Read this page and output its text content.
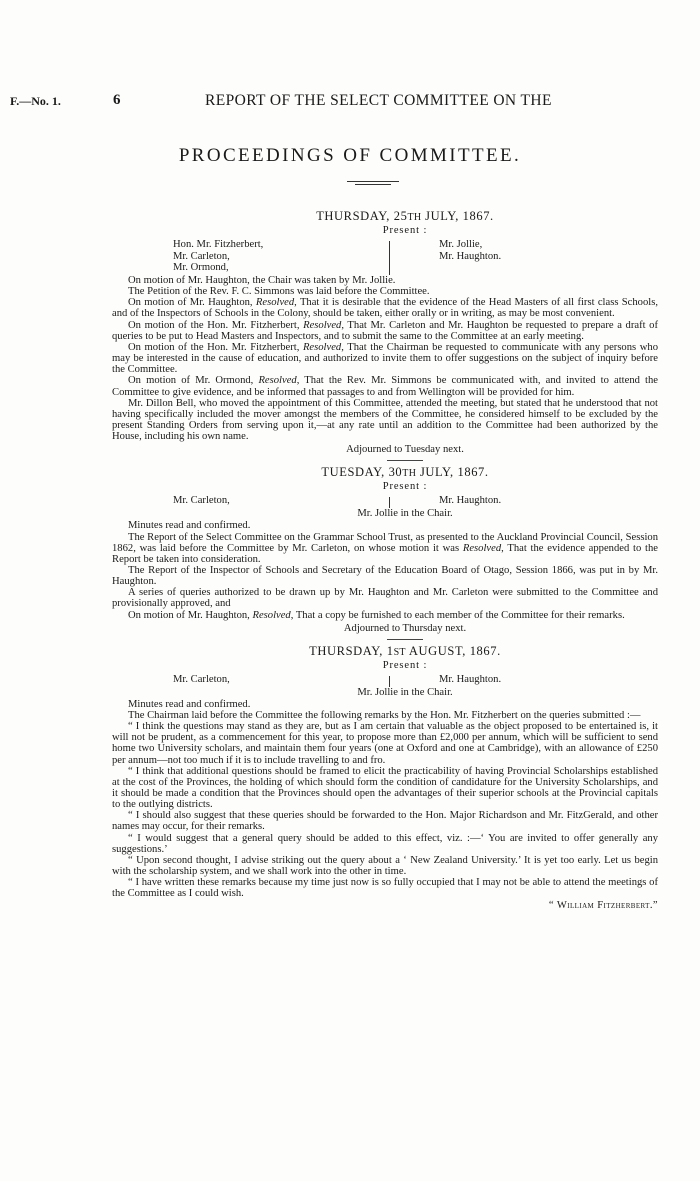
F.—No. 1.	6	REPORT OF THE SELECT COMMITTEE ON THE
PROCEEDINGS OF COMMITTEE.
THURSDAY, 25TH JULY, 1867.
Present :
Hon. Mr. Fitzherbert,
Mr. Carleton,
Mr. Ormond,
Mr. Jollie,
Mr. Haughton.

On motion of Mr. Haughton, the Chair was taken by Mr. Jollie.

The Petition of the Rev. F. C. Simmons was laid before the Committee.

On motion of Mr. Haughton, Resolved, That it is desirable that the evidence of the Head Masters of all first class Schools, and of the Inspectors of Schools in the Colony, should be taken, either orally or in writing, as may be most convenient.

On motion of the Hon. Mr. Fitzherbert, Resolved, That Mr. Carleton and Mr. Haughton be requested to prepare a draft of queries to be put to Head Masters and Inspectors, and to submit the same to the Committee at an early meeting.

On motion of the Hon. Mr. Fitzherbert, Resolved, That the Chairman be requested to communicate with any persons who may be interested in the cause of education, and authorized to invite them to offer suggestions on the subject of inquiry before the Committee.

On motion of Mr. Ormond, Resolved, That the Rev. Mr. Simmons be communicated with, and invited to attend the Committee to give evidence, and be informed that passages to and from Wellington will be provided for him.

Mr. Dillon Bell, who moved the appointment of this Committee, attended the meeting, but stated that he understood that not having specifically included the mover amongst the members of the Committee, he considered himself to be excluded by the present Standing Orders from serving upon it,—at any rate until an addition to the Committee had been authorized by the House, including his own name.

Adjourned to Tuesday next.
TUESDAY, 30TH JULY, 1867.
Present :
Mr. Carleton,	Mr. Haughton.
Mr. Jollie in the Chair.

Minutes read and confirmed.

The Report of the Select Committee on the Grammar School Trust, as presented to the Auckland Provincial Council, Session 1862, was laid before the Committee by Mr. Carleton, on whose motion it was Resolved, That the evidence appended to the Report be taken into consideration.

The Report of the Inspector of Schools and Secretary of the Education Board of Otago, Session 1866, was put in by Mr. Haughton.

A series of queries authorized to be drawn up by Mr. Haughton and Mr. Carleton were submitted to the Committee and provisionally approved, and

On motion of Mr. Haughton, Resolved, That a copy be furnished to each member of the Committee for their remarks.

Adjourned to Thursday next.
THURSDAY, 1ST AUGUST, 1867.
Present :
Mr. Carleton,	Mr. Haughton.
Mr. Jollie in the Chair.

Minutes read and confirmed.

The Chairman laid before the Committee the following remarks by the Hon. Mr. Fitzherbert on the queries submitted :—

“ I think the questions may stand as they are, but as I am certain that valuable as the object proposed to be entertained is, it will not be prudent, as a commencement for this year, to propose more than £2,000 per annum, which will be sufficient to send home two University scholars, and maintain them four years (one at Oxford and one at Cambridge), with an allowance of £250 per annum—not too much if it is to include travelling to and fro.

“ I think that additional questions should be framed to elicit the practicability of having Provincial Scholarships established at the cost of the Provinces, the holding of which should form the condition of candidature for the University Scholarships, and it should be made a condition that the Provinces should open the advantages of their superior schools at the Provincial capitals to the outlying districts.

“ I should also suggest that these queries should be forwarded to the Hon. Major Richardson and Mr. FitzGerald, and other names may occur, for their remarks.

“ I would suggest that a general query should be added to this effect, viz. :—‘ You are invited to offer generally any suggestions.’

“ Upon second thought, I advise striking out the query about a ‘ New Zealand University.’ It is yet too early. Let us begin with the scholarship system, and we shall work into the other in time.

“ I have written these remarks because my time just now is so fully occupied that I may not be able to attend the meetings of the Committee as I could wish.

“ William Fitzherbert.”
